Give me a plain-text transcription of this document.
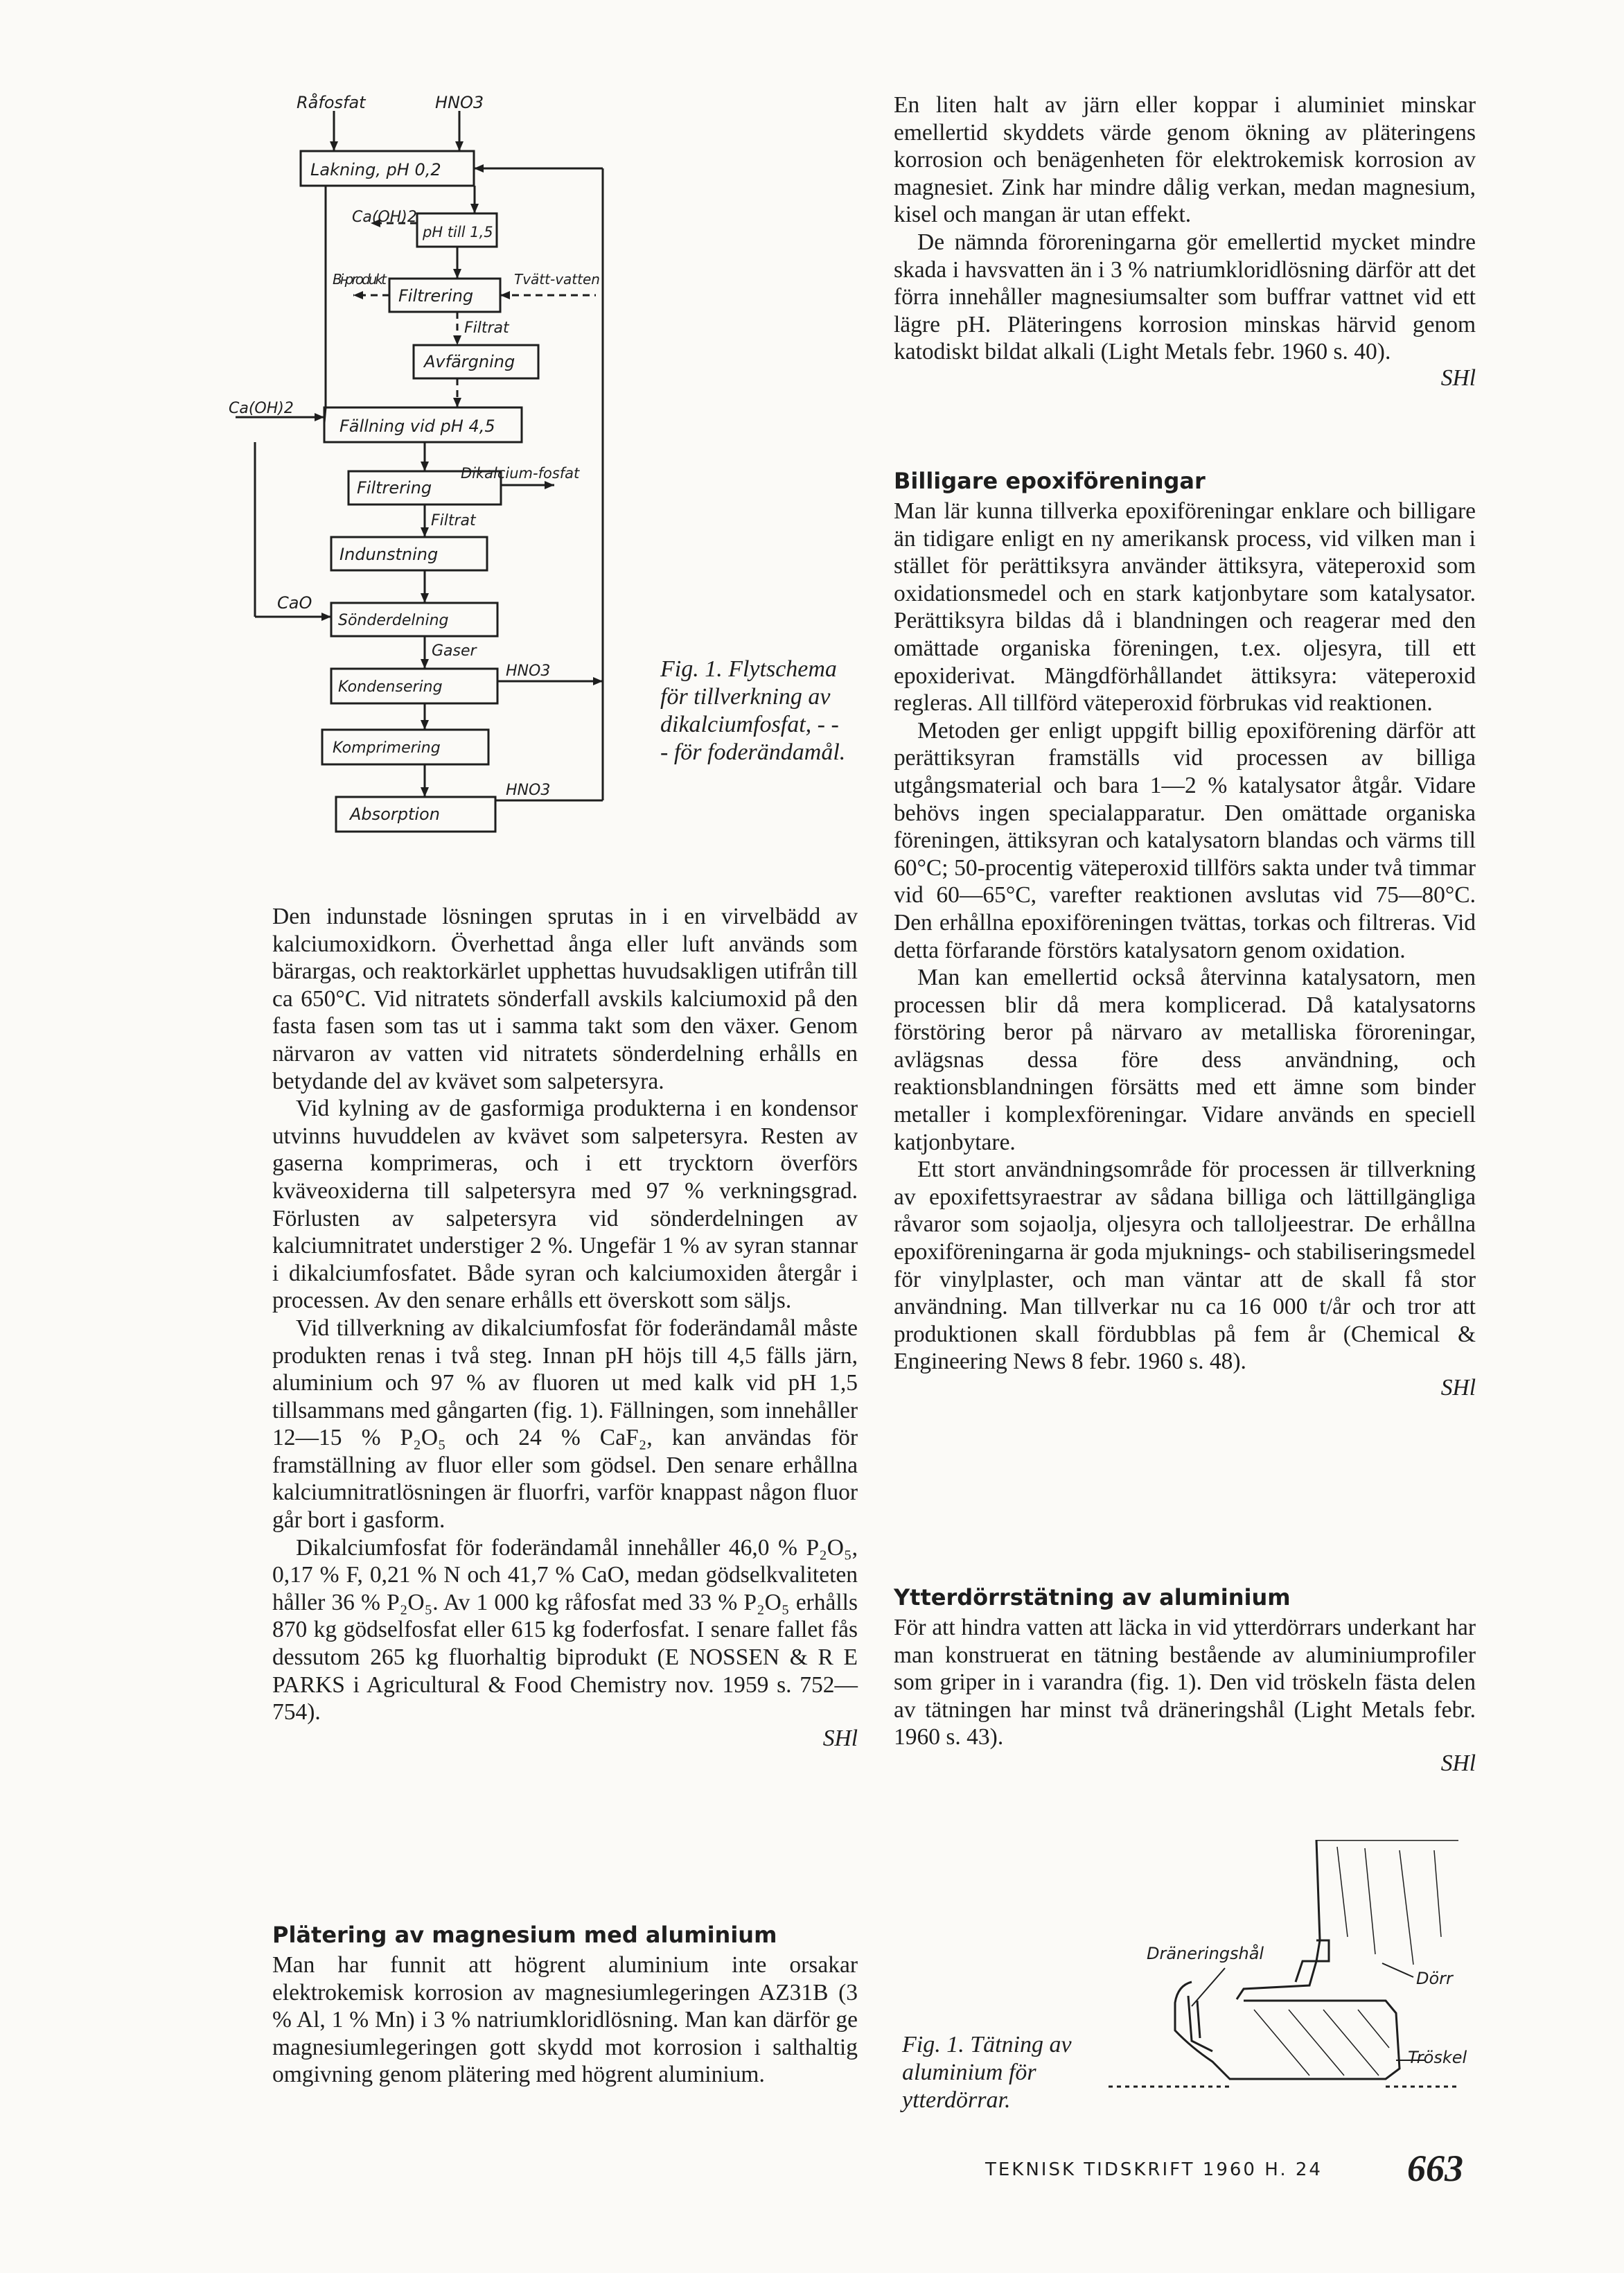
Råfosfat	HNO3
Lakning, pH 0,2
Ca(OH)2
pH till 1,5
Bi-produkt
Filtrering
Tvätt-vatten
Filtrat
Avfärgning
Ca(OH)2
Fällning vid pH 4,5
Dikalcium-fosfat
Filtrering
Filtrat
Indunstning
CaO
Sönderdelning
Gaser
HNO3
Kondensering
Komprimering
HNO3
Absorption
Fig. 1. Flytschema för tillverkning av dikalciumfosfat, - - - för foderändamål.

Den indunstade lösningen sprutas in i en virvelbädd av kalciumoxidkorn. Överhettad ånga eller luft används som bärargas, och reaktorkärlet upphettas huvudsakligen utifrån till ca 650°C. Vid nitratets sönderfall avskils kalciumoxid på den fasta fasen som tas ut i samma takt som den växer. Genom närvaron av vatten vid nitratets sönderdelning erhålls en betydande del av kvävet som salpetersyra.

Vid kylning av de gasformiga produkterna i en kondensor utvinns huvuddelen av kvävet som salpetersyra. Resten av gaserna komprimeras, och i ett trycktorn överförs kväveoxiderna till salpetersyra med 97 % verkningsgrad. Förlusten av salpetersyra vid sönderdelningen av kalciumnitratet understiger 2 %. Ungefär 1 % av syran stannar i dikalciumfosfatet. Både syran och kalciumoxiden återgår i processen. Av den senare erhålls ett överskott som säljs.

Vid tillverkning av dikalciumfosfat för foderändamål måste produkten renas i två steg. Innan pH höjs till 4,5 fälls järn, aluminium och 97 % av fluoren ut med kalk vid pH 1,5 tillsammans med gångarten (fig. 1). Fällningen, som innehåller 12—15 % P₂O₅ och 24 % CaF₂, kan användas för framställning av fluor eller som gödsel. Den senare erhållna kalciumnitratlösningen är fluorfri, varför knappast någon fluor går bort i gasform.

Dikalciumfosfat för foderändamål innehåller 46,0 % P₂O₅, 0,17 % F, 0,21 % N och 41,7 % CaO, medan gödselkvaliteten håller 36 % P₂O₅. Av 1 000 kg råfosfat med 33 % P₂O₅ erhålls 870 kg gödselfosfat eller 615 kg foderfosfat. I senare fallet fås dessutom 265 kg fluorhaltig biprodukt (E NOSSEN & R E PARKS i Agricultural & Food Chemistry nov. 1959 s. 752—754).

SHl
Plätering av magnesium med aluminium

Man har funnit att högrent aluminium inte orsakar elektrokemisk korrosion av magnesiumlegeringen AZ31B (3 % Al, 1 % Mn) i 3 % natriumkloridlösning. Man kan därför ge magnesiumlegeringen gott skydd mot korrosion i salthaltig omgivning genom plätering med högrent aluminium.

En liten halt av järn eller koppar i aluminiet minskar emellertid skyddets värde genom ökning av pläteringens korrosion och benägenheten för elektrokemisk korrosion av magnesiet. Zink har mindre dålig verkan, medan magnesium, kisel och mangan är utan effekt.

De nämnda föroreningarna gör emellertid mycket mindre skada i havsvatten än i 3 % natriumkloridlösning därför att det förra innehåller magnesiumsalter som buffrar vattnet vid ett lägre pH. Pläteringens korrosion minskas härvid genom katodiskt bildat alkali (Light Metals febr. 1960 s. 40).

SHl
Billigare epoxiföreningar

Man lär kunna tillverka epoxiföreningar enklare och billigare än tidigare enligt en ny amerikansk process, vid vilken man i stället för perättiksyra använder ättiksyra, väteperoxid som oxidationsmedel och en stark katjonbytare som katalysator. Perättiksyra bildas då i blandningen och reagerar med den omättade organiska föreningen, t.ex. oljesyra, till ett epoxiderivat. Mängdförhållandet ättiksyra: väteperoxid regleras. All tillförd väteperoxid förbrukas vid reaktionen.

Metoden ger enligt uppgift billig epoxiförening därför att perättiksyran framställs vid processen av billiga utgångsmaterial och bara 1—2 % katalysator åtgår. Vidare behövs ingen specialapparatur. Den omättade organiska föreningen, ättiksyran och katalysatorn blandas och värms till 60°C; 50-procentig väteperoxid tillförs sakta under två timmar vid 60—65°C, varefter reaktionen avslutas vid 75—80°C. Den erhållna epoxiföreningen tvättas, torkas och filtreras. Vid detta förfarande förstörs katalysatorn genom oxidation.

Man kan emellertid också återvinna katalysatorn, men processen blir då mera komplicerad. Då katalysatorns förstöring beror på närvaro av metalliska föroreningar, avlägsnas dessa före dess användning, och reaktionsblandningen försätts med ett ämne som binder metaller i komplexföreningar. Vidare används en speciell katjonbytare.

Ett stort användningsområde för processen är tillverkning av epoxifettsyraestrar av sådana billiga och lättillgängliga råvaror som sojaolja, oljesyra och talloljeestrar. De erhållna epoxiföreningarna är goda mjuknings- och stabiliseringsmedel för vinylplaster, och man väntar att de skall få stor användning. Man tillverkar nu ca 16 000 t/år och tror att produktionen skall fördubblas på fem år (Chemical & Engineering News 8 febr. 1960 s. 48).

SHl
Ytterdörrstätning av aluminium

För att hindra vatten att läcka in vid ytterdörrars underkant har man konstruerat en tätning bestående av aluminiumprofiler som griper in i varandra (fig. 1). Den vid tröskeln fästa delen av tätningen har minst två dräneringshål (Light Metals febr. 1960 s. 43).

SHl
Dräneringshål
Dörr
Tröskel
Fig. 1. Tätning av aluminium för ytterdörrar.
TEKNISK TIDSKRIFT 1960 H. 24 663
